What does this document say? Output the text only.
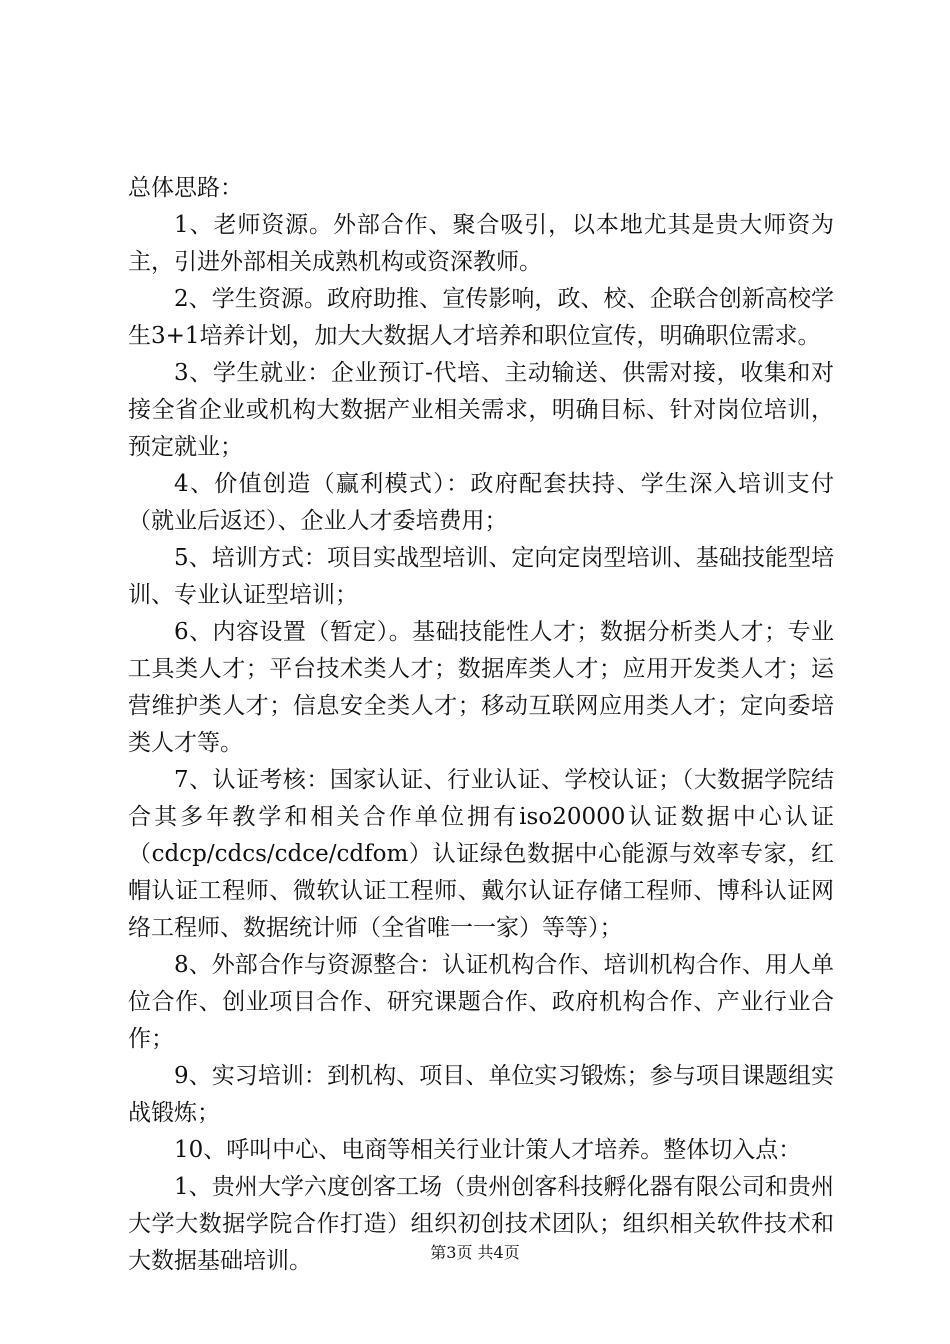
总体思路：

1、老师资源。外部合作、聚合吸引，以本地尤其是贵大师资为主，引进外部相关成熟机构或资深教师。

2、学生资源。政府助推、宣传影响，政、校、企联合创新高校学生3+1培养计划，加大大数据人才培养和职位宣传，明确职位需求。

3、学生就业：企业预订-代培、主动输送、供需对接，收集和对接全省企业或机构大数据产业相关需求，明确目标、针对岗位培训，预定就业；

4、价值创造（赢利模式）：政府配套扶持、学生深入培训支付（就业后返还）、企业人才委培费用；

5、培训方式：项目实战型培训、定向定岗型培训、基础技能型培训、专业认证型培训；

6、内容设置（暂定）。基础技能性人才；数据分析类人才；专业工具类人才；平台技术类人才；数据库类人才；应用开发类人才；运营维护类人才；信息安全类人才；移动互联网应用类人才；定向委培类人才等。

7、认证考核：国家认证、行业认证、学校认证；（大数据学院结合其多年教学和相关合作单位拥有iso20000认证数据中心认证（cdcp/cdcs/cdce/cdfom）认证绿色数据中心能源与效率专家，红帽认证工程师、微软认证工程师、戴尔认证存储工程师、博科认证网络工程师、数据统计师（全省唯一一家）等等）；

8、外部合作与资源整合：认证机构合作、培训机构合作、用人单位合作、创业项目合作、研究课题合作、政府机构合作、产业行业合作；

9、实习培训：到机构、项目、单位实习锻炼；参与项目课题组实战锻炼；

10、呼叫中心、电商等相关行业计策人才培养。整体切入点：

1、贵州大学六度创客工场（贵州创客科技孵化器有限公司和贵州大学大数据学院合作打造）组织初创技术团队；组织相关软件技术和大数据基础培训。	第3页 共4页
